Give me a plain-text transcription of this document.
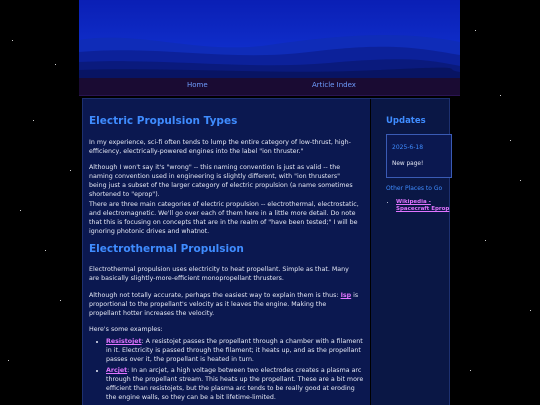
Home	Article Index
Electric Propulsion Types
In my experience, sci-fi often tends to lump the entire category of low-thrust, high-efficiency, electrically-powered engines into the label "ion thruster."
Although I won't say it's "wrong" -- this naming convention is just as valid -- the naming convention used in engineering is slightly different, with "ion thrusters" being just a subset of the larger category of electric propulsion (a name sometimes shortened to "eprop").
There are three main categories of electric propulsion -- electrothermal, electrostatic, and electromagnetic. We'll go over each of them here in a little more detail. Do note that this is focusing on concepts that are in the realm of "have been tested;" I will be ignoring photonic drives and whatnot.
Electrothermal Propulsion
Electrothermal propulsion uses electricity to heat propellant. Simple as that. Many are basically slightly-more-efficient monopropellant thrusters.
Although not totally accurate, perhaps the easiest way to explain them is thus: Isp is proportional to the propellant's velocity as it leaves the engine. Making the propellant hotter increases the velocity.
Here's some examples:
• Resistojet: A resistojet passes the propellant through a chamber with a filament in it. Electricity is passed through the filament; it heats up, and as the propellant passes over it, the propellant is heated in turn.
• Arcjet: In an arcjet, a high voltage between two electrodes creates a plasma arc through the propellant stream. This heats up the propellant. These are a bit more efficient than resistojets, but the plasma arc tends to be really good at eroding the engine walls, so they can be a bit lifetime-limited.
Updates
2025-6-18
New page!
Other Places to Go
• Wikipedia - Spacecraft Eprop
